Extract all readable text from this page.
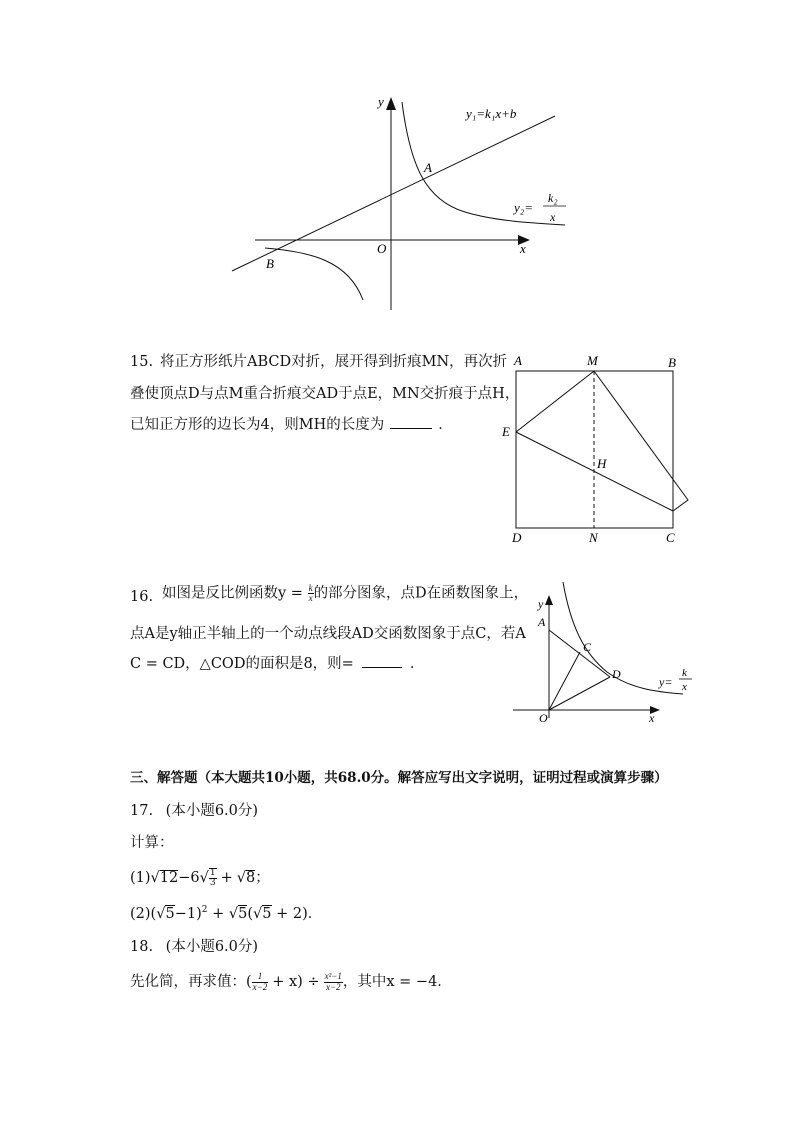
y
x
O
A
B
y₁=k₁x+b
y₂=
k₂
x
15. 将正方形纸片ABCD对折，展开得到折痕MN，再次折
叠使顶点D与点M重合折痕交AD于点E，MN交折痕于点H，
已知正方形的边长为4，则MH的长度为	．
A	M	B
E
H
D	N	C
16. 如图是反比例函数$y = \frac{k}{x}$ 的部分图象，点D在函数图象上，
点A是y轴正半轴上的一个动点线段AD交函数图象于点C，若A
C = CD，△COD的面积是8，则=	．
y
A
C
D
O	x
y=
k
x
三、解答题（本大题共10小题，共68.0分。解答应写出文字说明，证明过程或演算步骤）
17. (本小题6.0分)
计算：
(1) √ 12 −6 √ $\frac{1}{3}$ + √ 8 ；
$(2)(√5-1)^2 + √5(√5 + 2)$．
18. (本小题6.0分)
先化简，再求值：( $\frac{1}{x-2} + x) \div \frac{\text{x²−1}}{x-2}$ ，其中x = −4．
